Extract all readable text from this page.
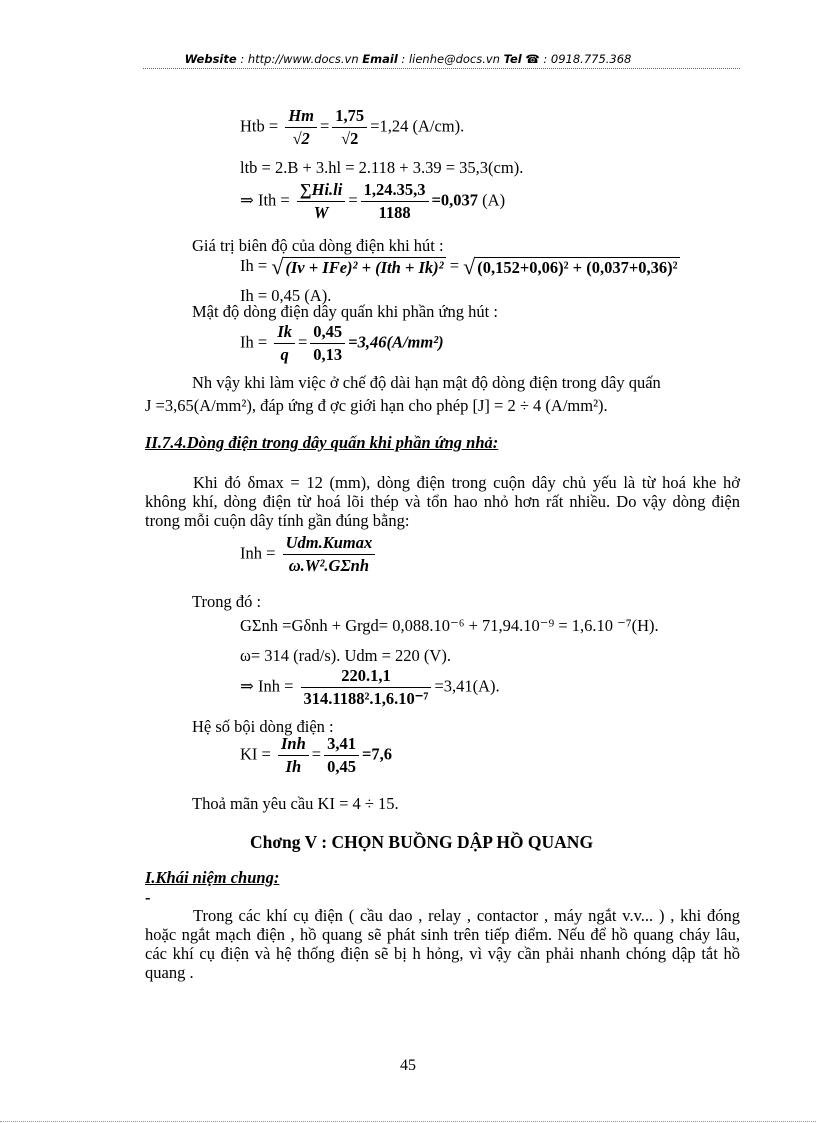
Website : http://www.docs.vn Email : lienhe@docs.vn Tel ☎ : 0918.775.368
Htb = $\frac{Hm}{√2} = \frac{1,75}{√2} =1,24$ (A/cm).
ltb = 2.B + 3.hl = 2.118 + 3.39 = 35,3(cm).
⇒ Ith = $\frac{\sum Hi.li}{W} = \frac{1,24.35,3}{1188} =0,037$ (A)
Giá trị biên độ của dòng điện khi hút :
Ih = √ (Iv + IFe)² + (Ith + Ik)² = √ (0,152+0,06)² + (0,037+0,36)²
Ih = 0,45 (A).
Mật độ dòng điện dây quấn khi phần ứng hút :
$Ih = \frac{Ik}{q} = \frac{0,45}{0,13} =3,46(A/mm^2)$
Nh vậy khi làm việc ở chế độ dài hạn mật độ dòng điện trong dây quấn
J =3,65(A/mm²), đáp ứng đ ợc giới hạn cho phép [J] = 2 ÷ 4 (A/mm²).
II.7.4.Dòng điện trong dây quấn khi phần ứng nhả:
Khi đó δmax = 12 (mm), dòng điện trong cuộn dây chủ yếu là từ hoá khe hở không khí, dòng điện từ hoá lõi thép và tổn hao nhỏ hơn rất nhiều. Do vậy dòng điện trong mỗi cuộn dây tính gần đúng bằng:
Inh = $\frac{\text{Udm.Kumax}}{\text{ω.W².GΣnh}}$
Trong đó :
GΣnh =Gδnh + Grgd= 0,088.10⁻⁶ + 71,94.10⁻⁹ = 1,6.10 ⁻⁷(H).
ω= 314 (rad/s). Udm = 220 (V).
⇒ Inh = $\frac{220.1,1}{\text{314.1188².1,6.10⁻⁷}} =3,41(A)$.
Hệ số bội dòng điện :
KI = $\frac{\text{Inh}}{Ih} = \frac{3,41}{0,45} =7,6$
Thoả mãn yêu cầu KI = 4 ÷ 15.
Chơng V : CHỌN BUỒNG DẬP HỒ QUANG
I.Khái niệm chung:
-
Trong các khí cụ điện ( cầu dao , relay , contactor , máy ngắt v.v... ) , khi đóng hoặc ngắt mạch điện , hồ quang sẽ phát sinh trên tiếp điểm. Nếu để hồ quang cháy lâu, các khí cụ điện và hệ thống điện sẽ bị h hỏng, vì vậy cần phải nhanh chóng dập tắt hồ quang .
45
